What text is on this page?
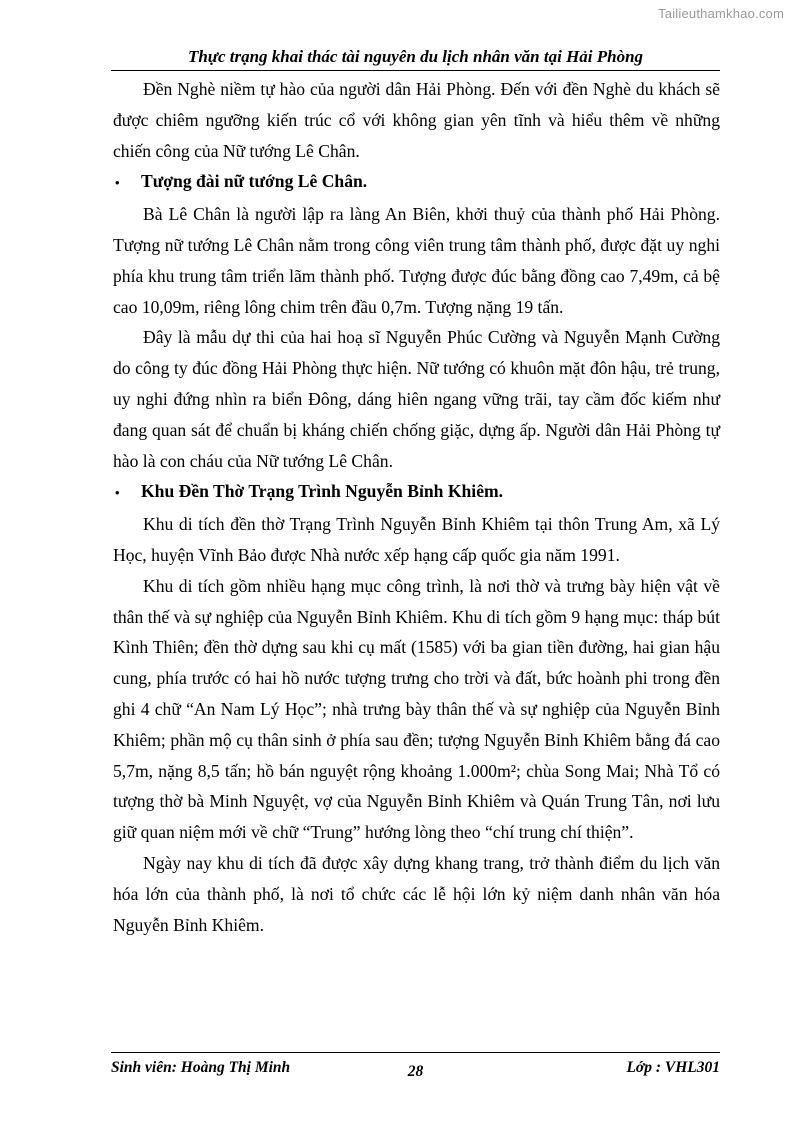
Tailieuthamkhao.com
Thực trạng khai thác tài nguyên du lịch nhân văn tại Hải Phòng

Đền Nghè niềm tự hào của người dân Hải Phòng. Đến với đền Nghè du khách sẽ được chiêm ngưỡng kiến trúc cổ với không gian yên tĩnh và hiểu thêm về những chiến công của Nữ tướng Lê Chân.

•	Tượng đài nữ tướng Lê Chân.

Bà Lê Chân là người lập ra làng An Biên, khởi thuỷ của thành phố Hải Phòng. Tượng nữ tướng Lê Chân nằm trong công viên trung tâm thành phố, được đặt uy nghi phía khu trung tâm triển lãm thành phố. Tượng được đúc bằng đồng cao 7,49m, cả bệ cao 10,09m, riêng lông chim trên đầu 0,7m. Tượng nặng 19 tấn.

Đây là mẫu dự thi của hai hoạ sĩ Nguyễn Phúc Cường và Nguyễn Mạnh Cường do công ty đúc đồng Hải Phòng thực hiện. Nữ tướng có khuôn mặt đôn hậu, trẻ trung, uy nghi đứng nhìn ra biển Đông, dáng hiên ngang vững trãi, tay cầm đốc kiếm như đang quan sát để chuẩn bị kháng chiến chống giặc, dựng ấp. Người dân Hải Phòng tự hào là con cháu của Nữ tướng Lê Chân.

•	Khu Đền Thờ Trạng Trình Nguyễn Bỉnh Khiêm.

Khu di tích đền thờ Trạng Trình Nguyễn Bỉnh Khiêm tại thôn Trung Am, xã Lý Học, huyện Vĩnh Bảo được Nhà nước xếp hạng cấp quốc gia năm 1991.

Khu di tích gồm nhiều hạng mục công trình, là nơi thờ và trưng bày hiện vật về thân thế và sự nghiệp của Nguyễn Bỉnh Khiêm. Khu di tích gồm 9 hạng mục: tháp bút Kình Thiên; đền thờ dựng sau khi cụ mất (1585) với ba gian tiền đường, hai gian hậu cung, phía trước có hai hồ nước tượng trưng cho trời và đất, bức hoành phi trong đền ghi 4 chữ “An Nam Lý Học”; nhà trưng bày thân thế và sự nghiệp của Nguyễn Bỉnh Khiêm; phần mộ cụ thân sinh ở phía sau đền; tượng Nguyễn Bỉnh Khiêm bằng đá cao 5,7m, nặng 8,5 tấn; hồ bán nguyệt rộng khoảng 1.000m²; chùa Song Mai; Nhà Tổ có tượng thờ bà Minh Nguyệt, vợ của Nguyễn Bỉnh Khiêm và Quán Trung Tân, nơi lưu giữ quan niệm mới về chữ “Trung” hướng lòng theo “chí trung chí thiện”.

Ngày nay khu di tích đã được xây dựng khang trang, trở thành điểm du lịch văn hóa lớn của thành phố, là nơi tổ chức các lễ hội lớn kỷ niệm danh nhân văn hóa Nguyễn Bỉnh Khiêm.

Sinh viên: Hoàng Thị Minh	28	Lớp : VHL301
